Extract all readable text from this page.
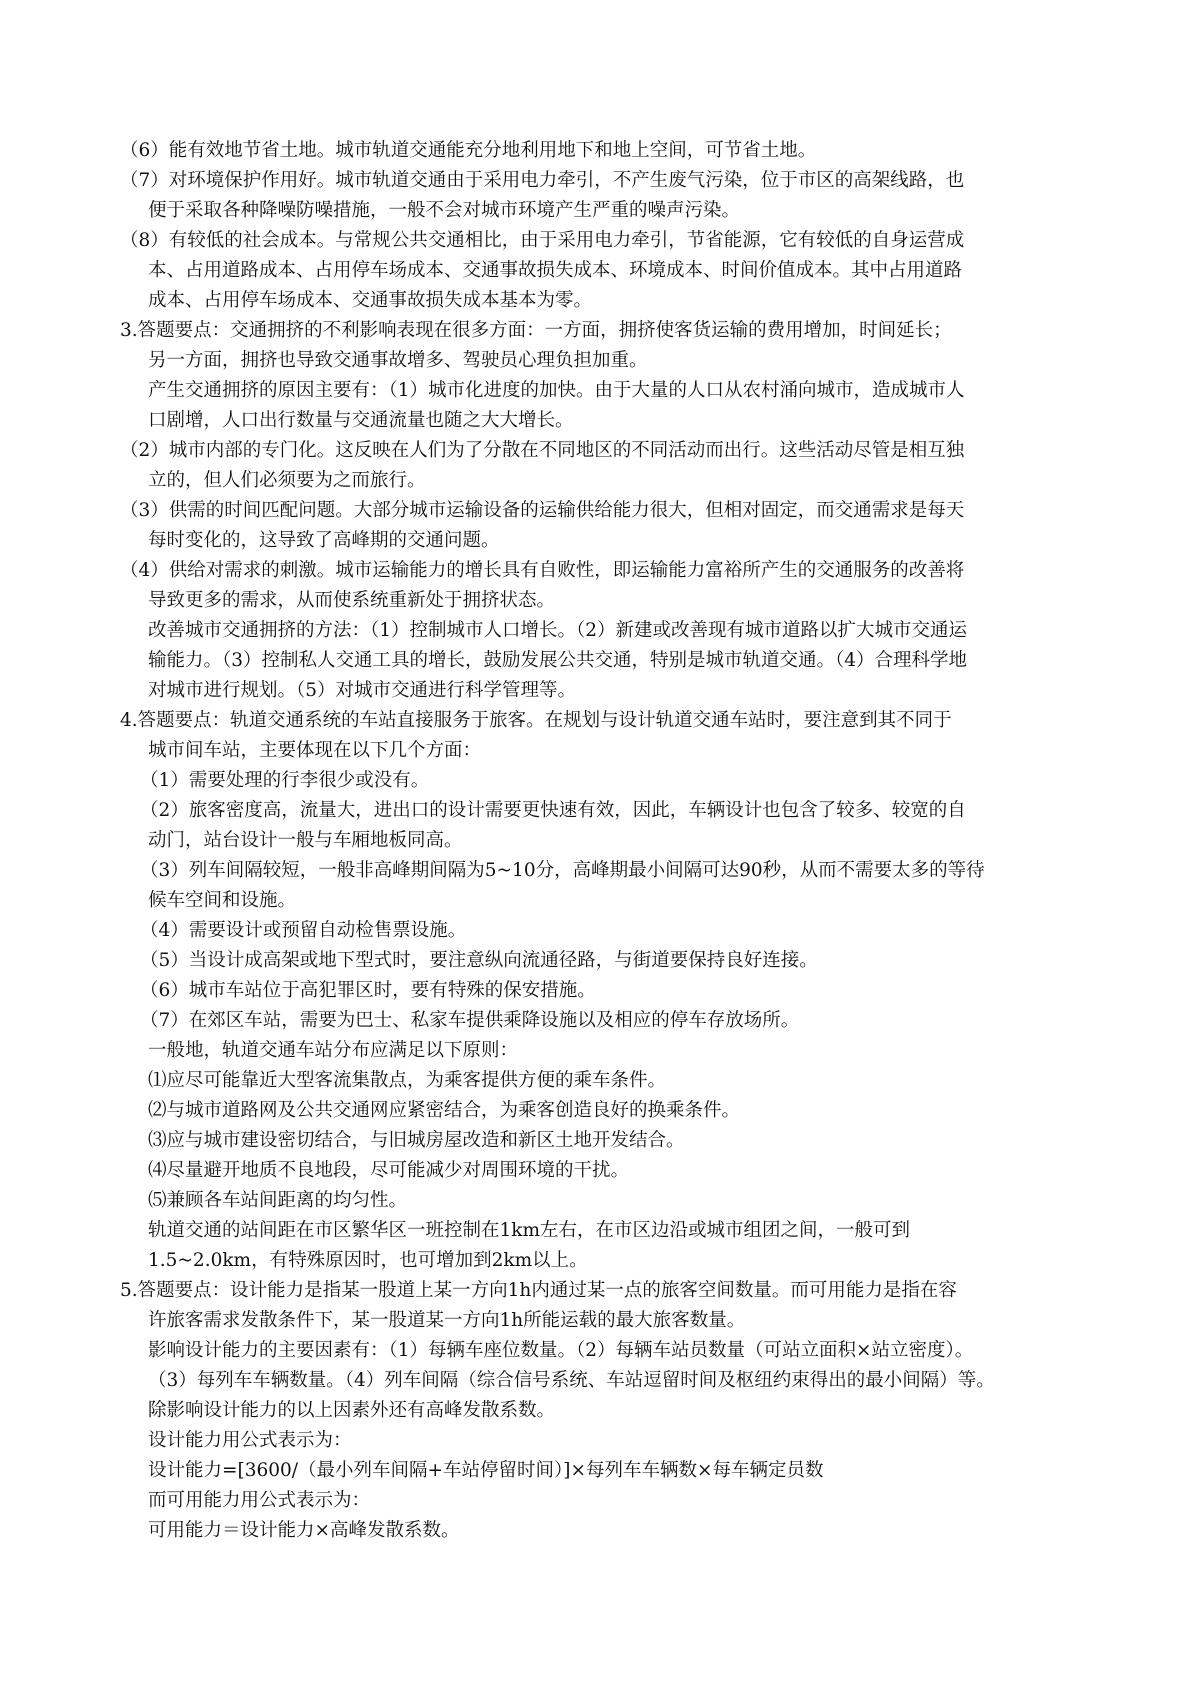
（6）能有效地节省土地。城市轨道交通能充分地利用地下和地上空间，可节省土地。
（7）对环境保护作用好。城市轨道交通由于采用电力牵引，不产生废气污染，位于市区的高架线路，也
便于采取各种降噪防噪措施，一般不会对城市环境产生严重的噪声污染。
（8）有较低的社会成本。与常规公共交通相比，由于采用电力牵引，节省能源，它有较低的自身运营成
本、占用道路成本、占用停车场成本、交通事故损失成本、环境成本、时间价值成本。其中占用道路
成本、占用停车场成本、交通事故损失成本基本为零。
3.答题要点：交通拥挤的不利影响表现在很多方面：一方面，拥挤使客货运输的费用增加，时间延长；
另一方面，拥挤也导致交通事故增多、驾驶员心理负担加重。
产生交通拥挤的原因主要有：（1）城市化进度的加快。由于大量的人口从农村涌向城市，造成城市人
口剧增，人口出行数量与交通流量也随之大大增长。
（2）城市内部的专门化。这反映在人们为了分散在不同地区的不同活动而出行。这些活动尽管是相互独
立的，但人们必须要为之而旅行。
（3）供需的时间匹配问题。大部分城市运输设备的运输供给能力很大，但相对固定，而交通需求是每天
每时变化的，这导致了高峰期的交通问题。
（4）供给对需求的刺激。城市运输能力的增长具有自败性，即运输能力富裕所产生的交通服务的改善将
导致更多的需求，从而使系统重新处于拥挤状态。
改善城市交通拥挤的方法：（1）控制城市人口增长。（2）新建或改善现有城市道路以扩大城市交通运
输能力。（3）控制私人交通工具的增长，鼓励发展公共交通，特别是城市轨道交通。（4）合理科学地
对城市进行规划。（5）对城市交通进行科学管理等。
4.答题要点：轨道交通系统的车站直接服务于旅客。在规划与设计轨道交通车站时，要注意到其不同于
城市间车站，主要体现在以下几个方面：
（1）需要处理的行李很少或没有。
（2）旅客密度高，流量大，进出口的设计需要更快速有效，因此，车辆设计也包含了较多、较宽的自
动门，站台设计一般与车厢地板同高。
（3）列车间隔较短，一般非高峰期间隔为5~10分，高峰期最小间隔可达90秒，从而不需要太多的等待
候车空间和设施。
（4）需要设计或预留自动检售票设施。
（5）当设计成高架或地下型式时，要注意纵向流通径路，与街道要保持良好连接。
（6）城市车站位于高犯罪区时，要有特殊的保安措施。
（7）在郊区车站，需要为巴士、私家车提供乘降设施以及相应的停车存放场所。
一般地，轨道交通车站分布应满足以下原则：
⑴应尽可能靠近大型客流集散点，为乘客提供方便的乘车条件。
⑵与城市道路网及公共交通网应紧密结合，为乘客创造良好的换乘条件。
⑶应与城市建设密切结合，与旧城房屋改造和新区土地开发结合。
⑷尽量避开地质不良地段，尽可能减少对周围环境的干扰。
⑸兼顾各车站间距离的均匀性。
轨道交通的站间距在市区繁华区一班控制在1km左右，在市区边沿或城市组团之间，一般可到
1.5~2.0km，有特殊原因时，也可增加到2km以上。
5.答题要点：设计能力是指某一股道上某一方向1h内通过某一点的旅客空间数量。而可用能力是指在容
许旅客需求发散条件下，某一股道某一方向1h所能运载的最大旅客数量。
影响设计能力的主要因素有：（1）每辆车座位数量。（2）每辆车站员数量（可站立面积×站立密度）。
（3）每列车车辆数量。（4）列车间隔（综合信号系统、车站逗留时间及枢纽约束得出的最小间隔）等。
除影响设计能力的以上因素外还有高峰发散系数。
设计能力用公式表示为：
设计能力=[3600/（最小列车间隔+车站停留时间）]×每列车车辆数×每车辆定员数
而可用能力用公式表示为：
可用能力＝设计能力×高峰发散系数。
